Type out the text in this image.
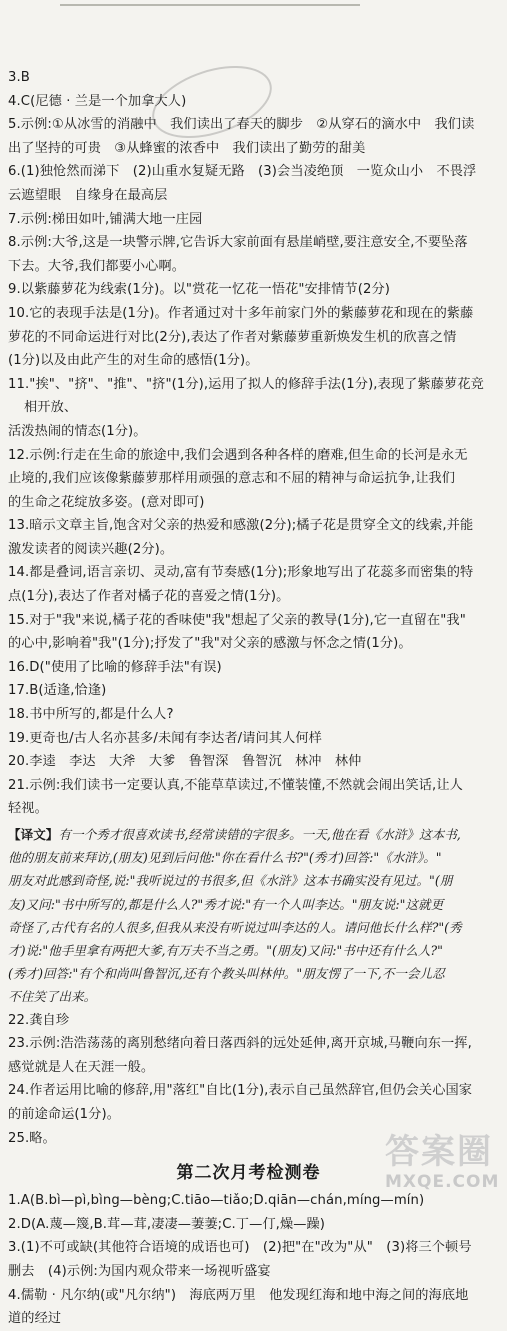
3.B
4.C(尼德 · 兰是一个加拿大人)
5.示例:①从冰雪的消融中　我们读出了春天的脚步　②从穿石的滴水中　我们读
出了坚持的可贵　③从蜂蜜的浓香中　我们读出了勤劳的甜美
6.(1)独怆然而涕下　(2)山重水复疑无路　(3)会当凌绝顶　一览众山小　不畏浮
云遮望眼　自缘身在最高层
7.示例:梯田如叶,铺满大地一庄园
8.示例:大爷,这是一块警示牌,它告诉大家前面有悬崖峭壁,要注意安全,不要坠落
下去。大爷,我们都要小心啊。
9.以紫藤萝花为线索(1分)。以"赏花一忆花一悟花"安排情节(2分)
10.它的表现手法是(1分)。作者通过对十多年前家门外的紫藤萝花和现在的紫藤
萝花的不同命运进行对比(2分),表达了作者对紫藤萝重新焕发生机的欣喜之情
(1分)以及由此产生的对生命的感悟(1分)。
11."挨"、"挤"、"推"、"挤"(1分),运用了拟人的修辞手法(1分),表现了紫藤萝花竞相开放、
活泼热闹的情态(1分)。
12.示例:行走在生命的旅途中,我们会遇到各种各样的磨难,但生命的长河是永无
止境的,我们应该像紫藤萝那样用顽强的意志和不屈的精神与命运抗争,让我们
的生命之花绽放多姿。(意对即可)
13.暗示文章主旨,饱含对父亲的热爱和感激(2分);橘子花是贯穿全文的线索,并能
激发读者的阅读兴趣(2分)。
14.都是叠词,语言亲切、灵动,富有节奏感(1分);形象地写出了花蕊多而密集的特
点(1分),表达了作者对橘子花的喜爱之情(1分)。
15.对于"我"来说,橘子花的香味使"我"想起了父亲的教导(1分),它一直留在"我"
的心中,影响着"我"(1分);抒发了"我"对父亲的感激与怀念之情(1分)。
16.D("使用了比喻的修辞手法"有误)
17.B(适逢,恰逢)
18.书中所写的,都是什么人?
19.更奇也/古人名亦甚多/未闻有李达者/请问其人何样
20.李逵　李达　大斧　大爹　鲁智深　鲁智沉　林冲　林仲
21.示例:我们读书一定要认真,不能草草读过,不懂装懂,不然就会闹出笑话,让人
轻视。
【译文】有一个秀才很喜欢读书,经常读错的字很多。一天,他在看《水浒》这本书,
他的朋友前来拜访,(朋友)见到后问他:"你在看什么书?"(秀才)回答:"《水浒》。"
朋友对此感到奇怪,说:"我听说过的书很多,但《水浒》这本书确实没有见过。"(朋
友)又问:"书中所写的,都是什么人?"秀才说:"有一个人叫李达。"朋友说:"这就更
奇怪了,古代有名的人很多,但我从来没有听说过叫李达的人。请问他长什么样?"(秀
才)说:"他手里拿有两把大爹,有万夫不当之勇。"(朋友)又问:"书中还有什么人?"
(秀才)回答:"有个和尚叫鲁智沉,还有个教头叫林仲。"朋友愣了一下,不一会儿忍
不住笑了出来。
22.龚自珍
23.示例:浩浩荡荡的离别愁绪向着日落西斜的远处延伸,离开京城,马鞭向东一挥,
感觉就是人在天涯一般。
24.作者运用比喻的修辞,用"落红"自比(1分),表示自己虽然辞官,但仍会关心国家
的前途命运(1分)。
25.略。
第二次月考检测卷
1.A(B.bì—pì,bìng—bèng;C.tiāo—tiǎo;D.qiān—chán,míng—mín)
2.D(A.蔑—篾,B.茸—茸,凄凄—萋萋;C.丁—仃,燥—躁)
3.(1)不可或缺(其他符合语境的成语也可)　(2)把"在"改为"从"　(3)将三个顿号
删去　(4)示例:为国内观众带来一场视听盛宴
4.儒勒 · 凡尔纳(或"凡尔纳")　海底两万里　他发现红海和地中海之间的海底地
道的经过
答案圈
MXQE.COM
